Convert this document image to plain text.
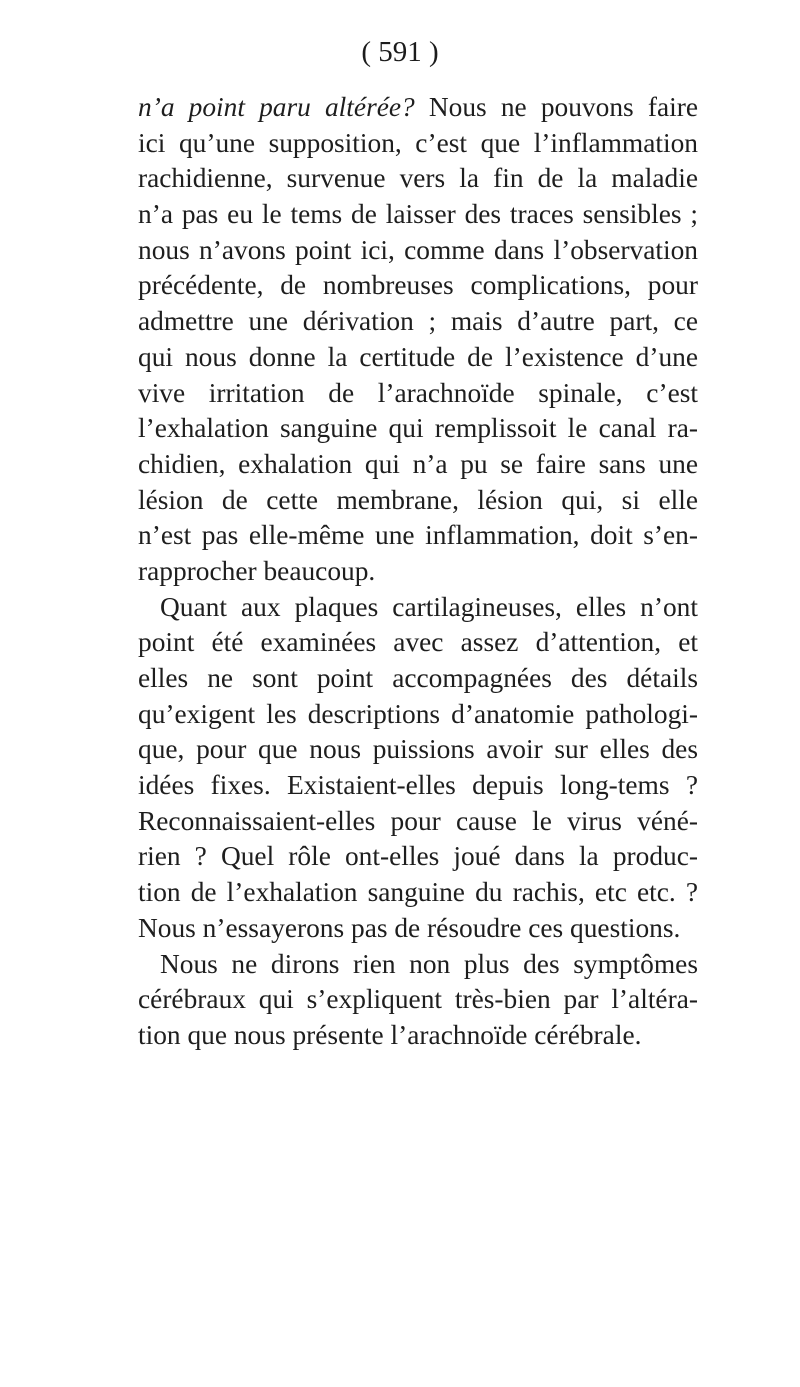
( 591 )
n’a point paru altérée? Nous ne pouvons faire
ici qu’une supposition, c’est que l’inflammation
rachidienne, survenue vers la fin de la maladie
n’a pas eu le tems de laisser des traces sensibles ;
nous n’avons point ici, comme dans l’observation
précédente, de nombreuses complications, pour
admettre une dérivation ; mais d’autre part, ce
qui nous donne la certitude de l’existence d’une
vive irritation de l’arachnoïde spinale, c’est
l’exhalation sanguine qui remplissoit le canal ra-
chidien, exhalation qui n’a pu se faire sans une
lésion de cette membrane, lésion qui, si elle
n’est pas elle-même une inflammation, doit s’en-
rapprocher beaucoup.
Quant aux plaques cartilagineuses, elles n’ont
point été examinées avec assez d’attention, et
elles ne sont point accompagnées des détails
qu’exigent les descriptions d’anatomie pathologi-
que, pour que nous puissions avoir sur elles des
idées fixes. Existaient-elles depuis long-tems ?
Reconnaissaient-elles pour cause le virus véné-
rien ? Quel rôle ont-elles joué dans la produc-
tion de l’exhalation sanguine du rachis, etc etc. ?
Nous n’essayerons pas de résoudre ces questions.
Nous ne dirons rien non plus des symptômes
cérébraux qui s’expliquent très-bien par l’altéra-
tion que nous présente l’arachnoïde cérébrale.
